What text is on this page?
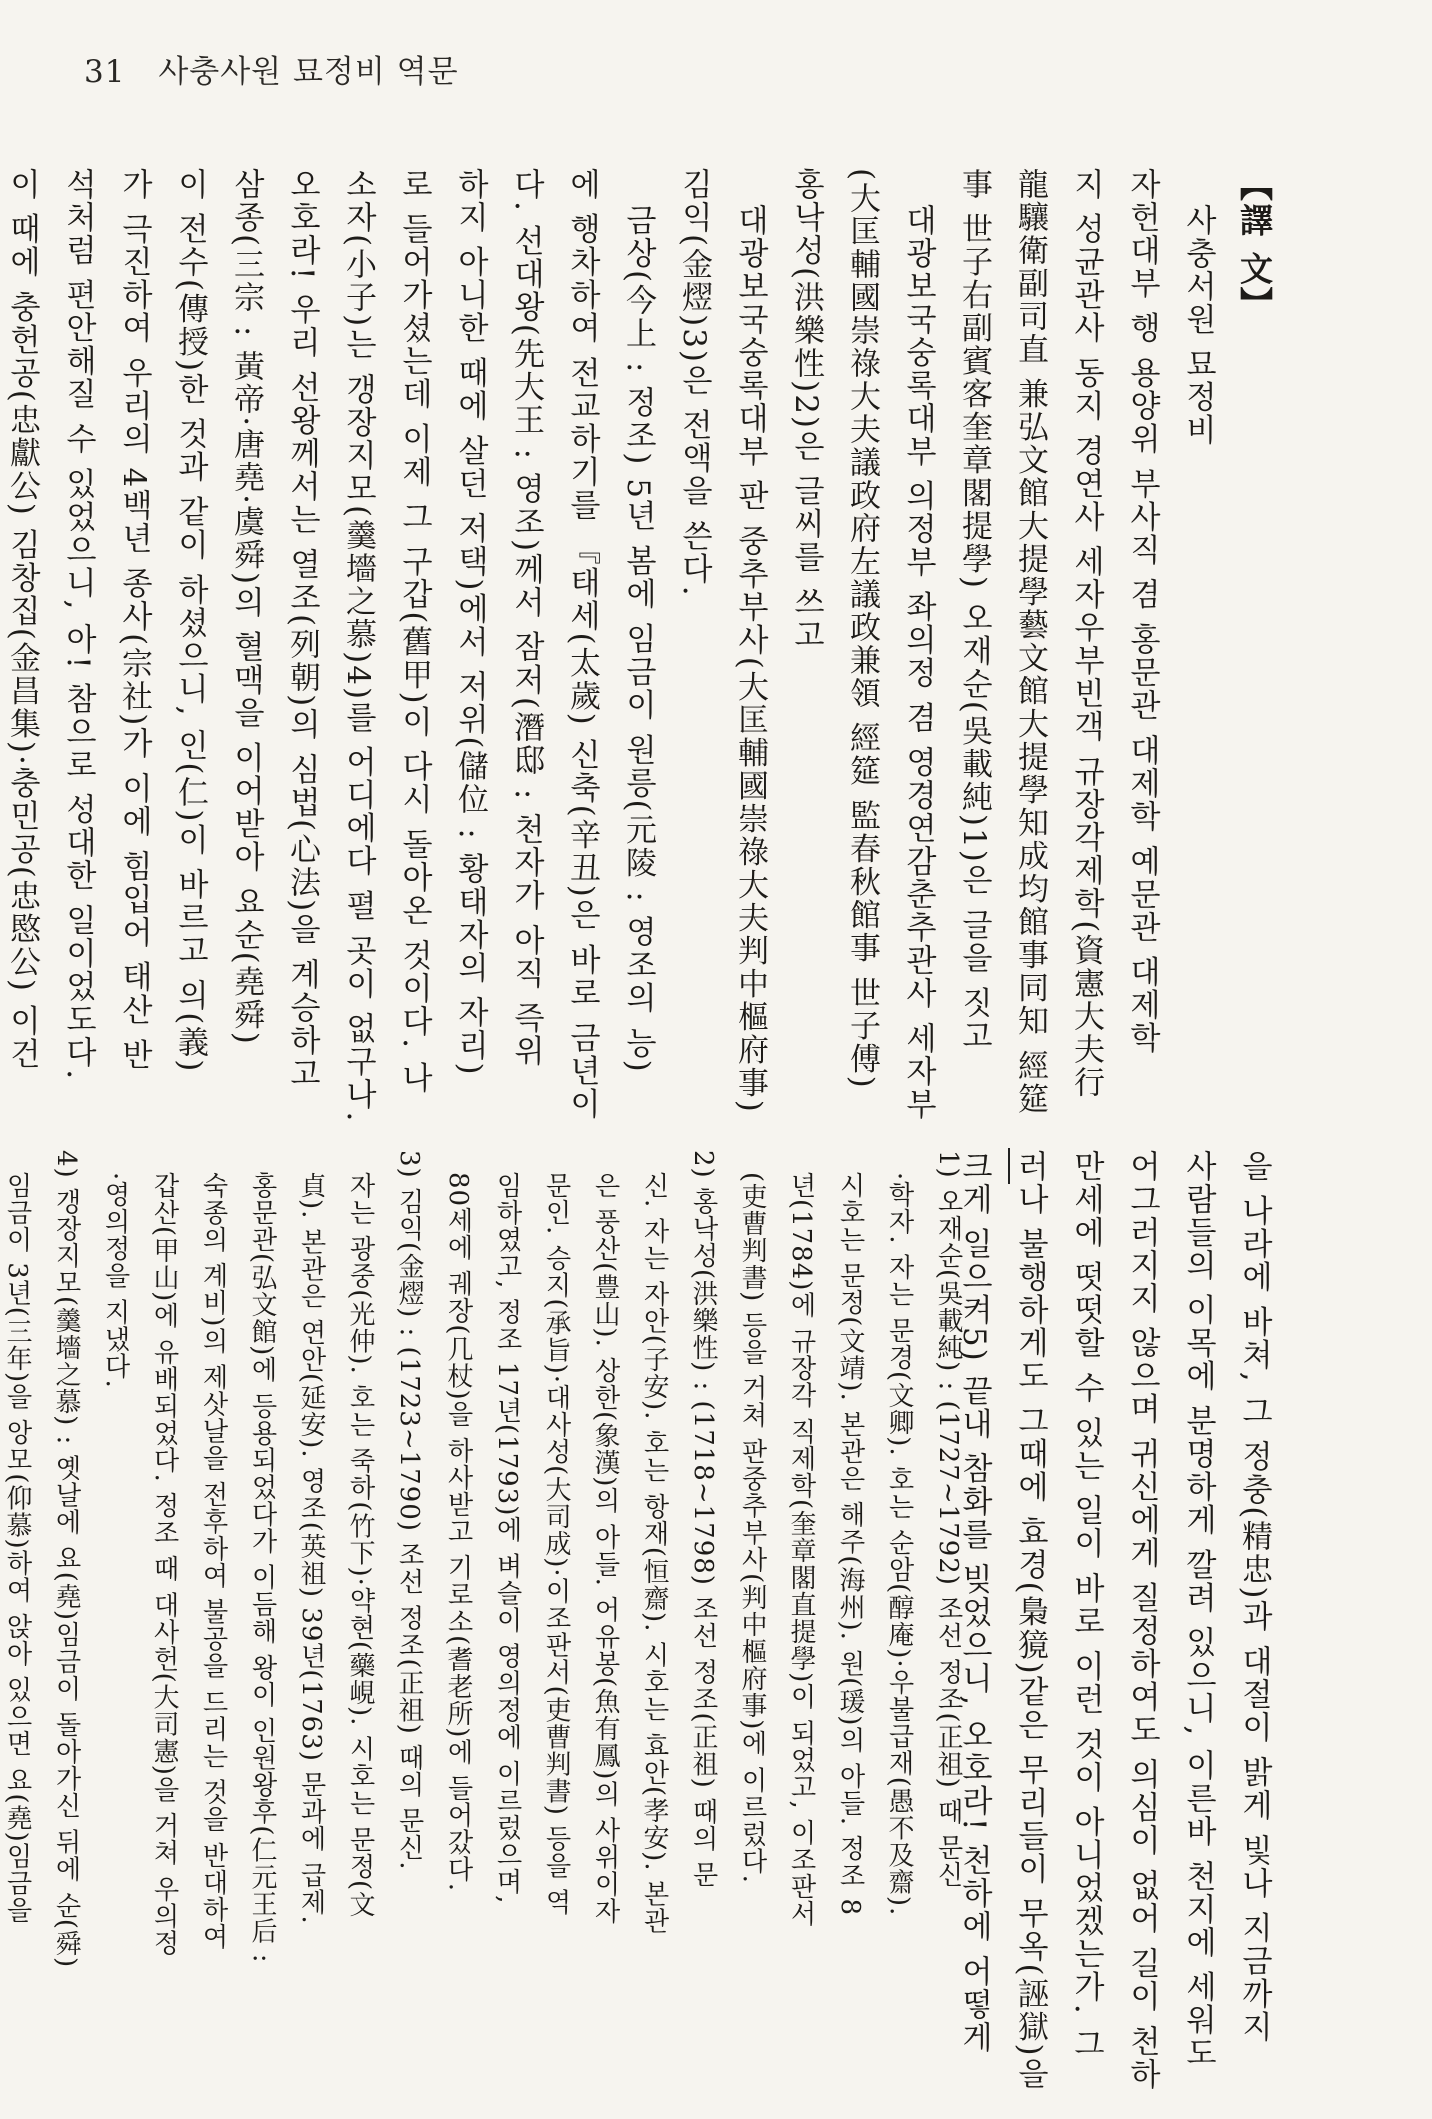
31 사충사원 묘정비 역문
【譯 文】
사충서원 묘정비
자헌대부 행 용양위 부사직 겸 홍문관 대제학 예문관 대제학
지 성균관사 동지 경연사 세자우부빈객 규장각제학(資憲大夫行
龍驤衛副司直 兼弘文館大提學藝文館大提學知成均館事同知 經筵
事 世子右副賓客奎章閣提學) 오재순(吳載純)1)은 글을 짓고
대광보국숭록대부 의정부 좌의정 겸 영경연감춘추관사 세자부
(大匡輔國崇祿大夫議政府左議政兼領 經筵 監春秋館事 世子傅)
홍낙성(洪樂性)2)은 글씨를 쓰고
대광보국숭록대부 판 중추부사(大匡輔國崇祿大夫判中樞府事)
김익(金熤)3)은 전액을 쓴다.
금상(今上 : 정조) 5년 봄에 임금이 원릉(元陵 : 영조의 능)
에 행차하여 전교하기를 『태세(太歲) 신축(辛丑)은 바로 금년이
다. 선대왕(先大王 : 영조)께서 잠저(潛邸 : 천자가 아직 즉위
하지 아니한 때에 살던 저택)에서 저위(儲位 : 황태자의 자리)
로 들어가셨는데 이제 그 구갑(舊甲)이 다시 돌아온 것이다. 나
소자(小子)는 갱장지모(羹墻之慕)4)를 어디에다 펼 곳이 없구나.
오호라! 우리 선왕께서는 열조(列朝)의 심법(心法)을 계승하고
삼종(三宗 : 黃帝·唐堯·虞舜)의 혈맥을 이어받아 요순(堯舜)
이 전수(傳授)한 것과 같이 하셨으니, 인(仁)이 바르고 의(義)
가 극진하여 우리의 4백년 종사(宗社)가 이에 힘입어 태산 반
석처럼 편안해질 수 있었으니, 아! 참으로 성대한 일이었도다.
이 때에 충헌공(忠獻公) 김창집(金昌集)·충민공(忠愍公) 이건
을 나라에 바쳐, 그 정충(精忠)과 대절이 밝게 빛나 지금까지
사람들의 이목에 분명하게 깔려 있으니, 이른바 천지에 세워도
어그러지지 않으며 귀신에게 질정하여도 의심이 없어 길이 천하
만세에 떳떳할 수 있는 일이 바로 이런 것이 아니었겠는가. 그
러나 불행하게도 그때에 효경(梟獍)같은 무리들이 무옥(誣獄)을
크게 일으켜5) 끝내 참화를 빚었으니, 오호라! 천하에 어떻게
1) 오재순(吳載純) : (1727∼1792) 조선 정조(正祖) 때 문신
·학자. 자는 문경(文卿). 호는 순암(醇庵)·우불급재(愚不及齋).
시호는 문정(文靖). 본관은 해주(海州). 원(瑗)의 아들. 정조 8
년(1784)에 규장각 직제학(奎章閣直提學)이 되었고, 이조판서
(吏曹判書) 등을 거쳐 판중추부사(判中樞府事)에 이르렀다.
2) 홍낙성(洪樂性) : (1718∼1798) 조선 정조(正祖) 때의 문
신. 자는 자안(子安). 호는 항재(恒齋). 시호는 효안(孝安). 본관
은 풍산(豊山). 상한(象漢)의 아들. 어유봉(魚有鳳)의 사위이자
문인. 승지(承旨)·대사성(大司成)·이조판서(吏曹判書) 등을 역
임하였고, 정조 17년(1793)에 벼슬이 영의정에 이르렀으며,
80세에 궤장(几杖)을 하사받고 기로소(耆老所)에 들어갔다.
3) 김익(金熤) : (1723∼1790) 조선 정조(正祖) 때의 문신.
자는 광중(光仲). 호는 죽하(竹下)·약현(藥峴). 시호는 문정(文
貞). 본관은 연안(延安). 영조(英祖) 39년(1763) 문과에 급제.
홍문관(弘文館)에 등용되었다가 이듬해 왕이 인원왕후(仁元王后 :
숙종의 계비)의 제삿날을 전후하여 불공을 드리는 것을 반대하여
갑산(甲山)에 유배되었다. 정조 때 대사헌(大司憲)을 거쳐 우의정
·영의정을 지냈다.
4) 갱장지모(羹墻之慕) : 옛날에 요(堯)임금이 돌아가신 뒤에 순(舜)
임금이 3년(三年)을 앙모(仰慕)하여 앉아 있으면 요(堯)임금을
